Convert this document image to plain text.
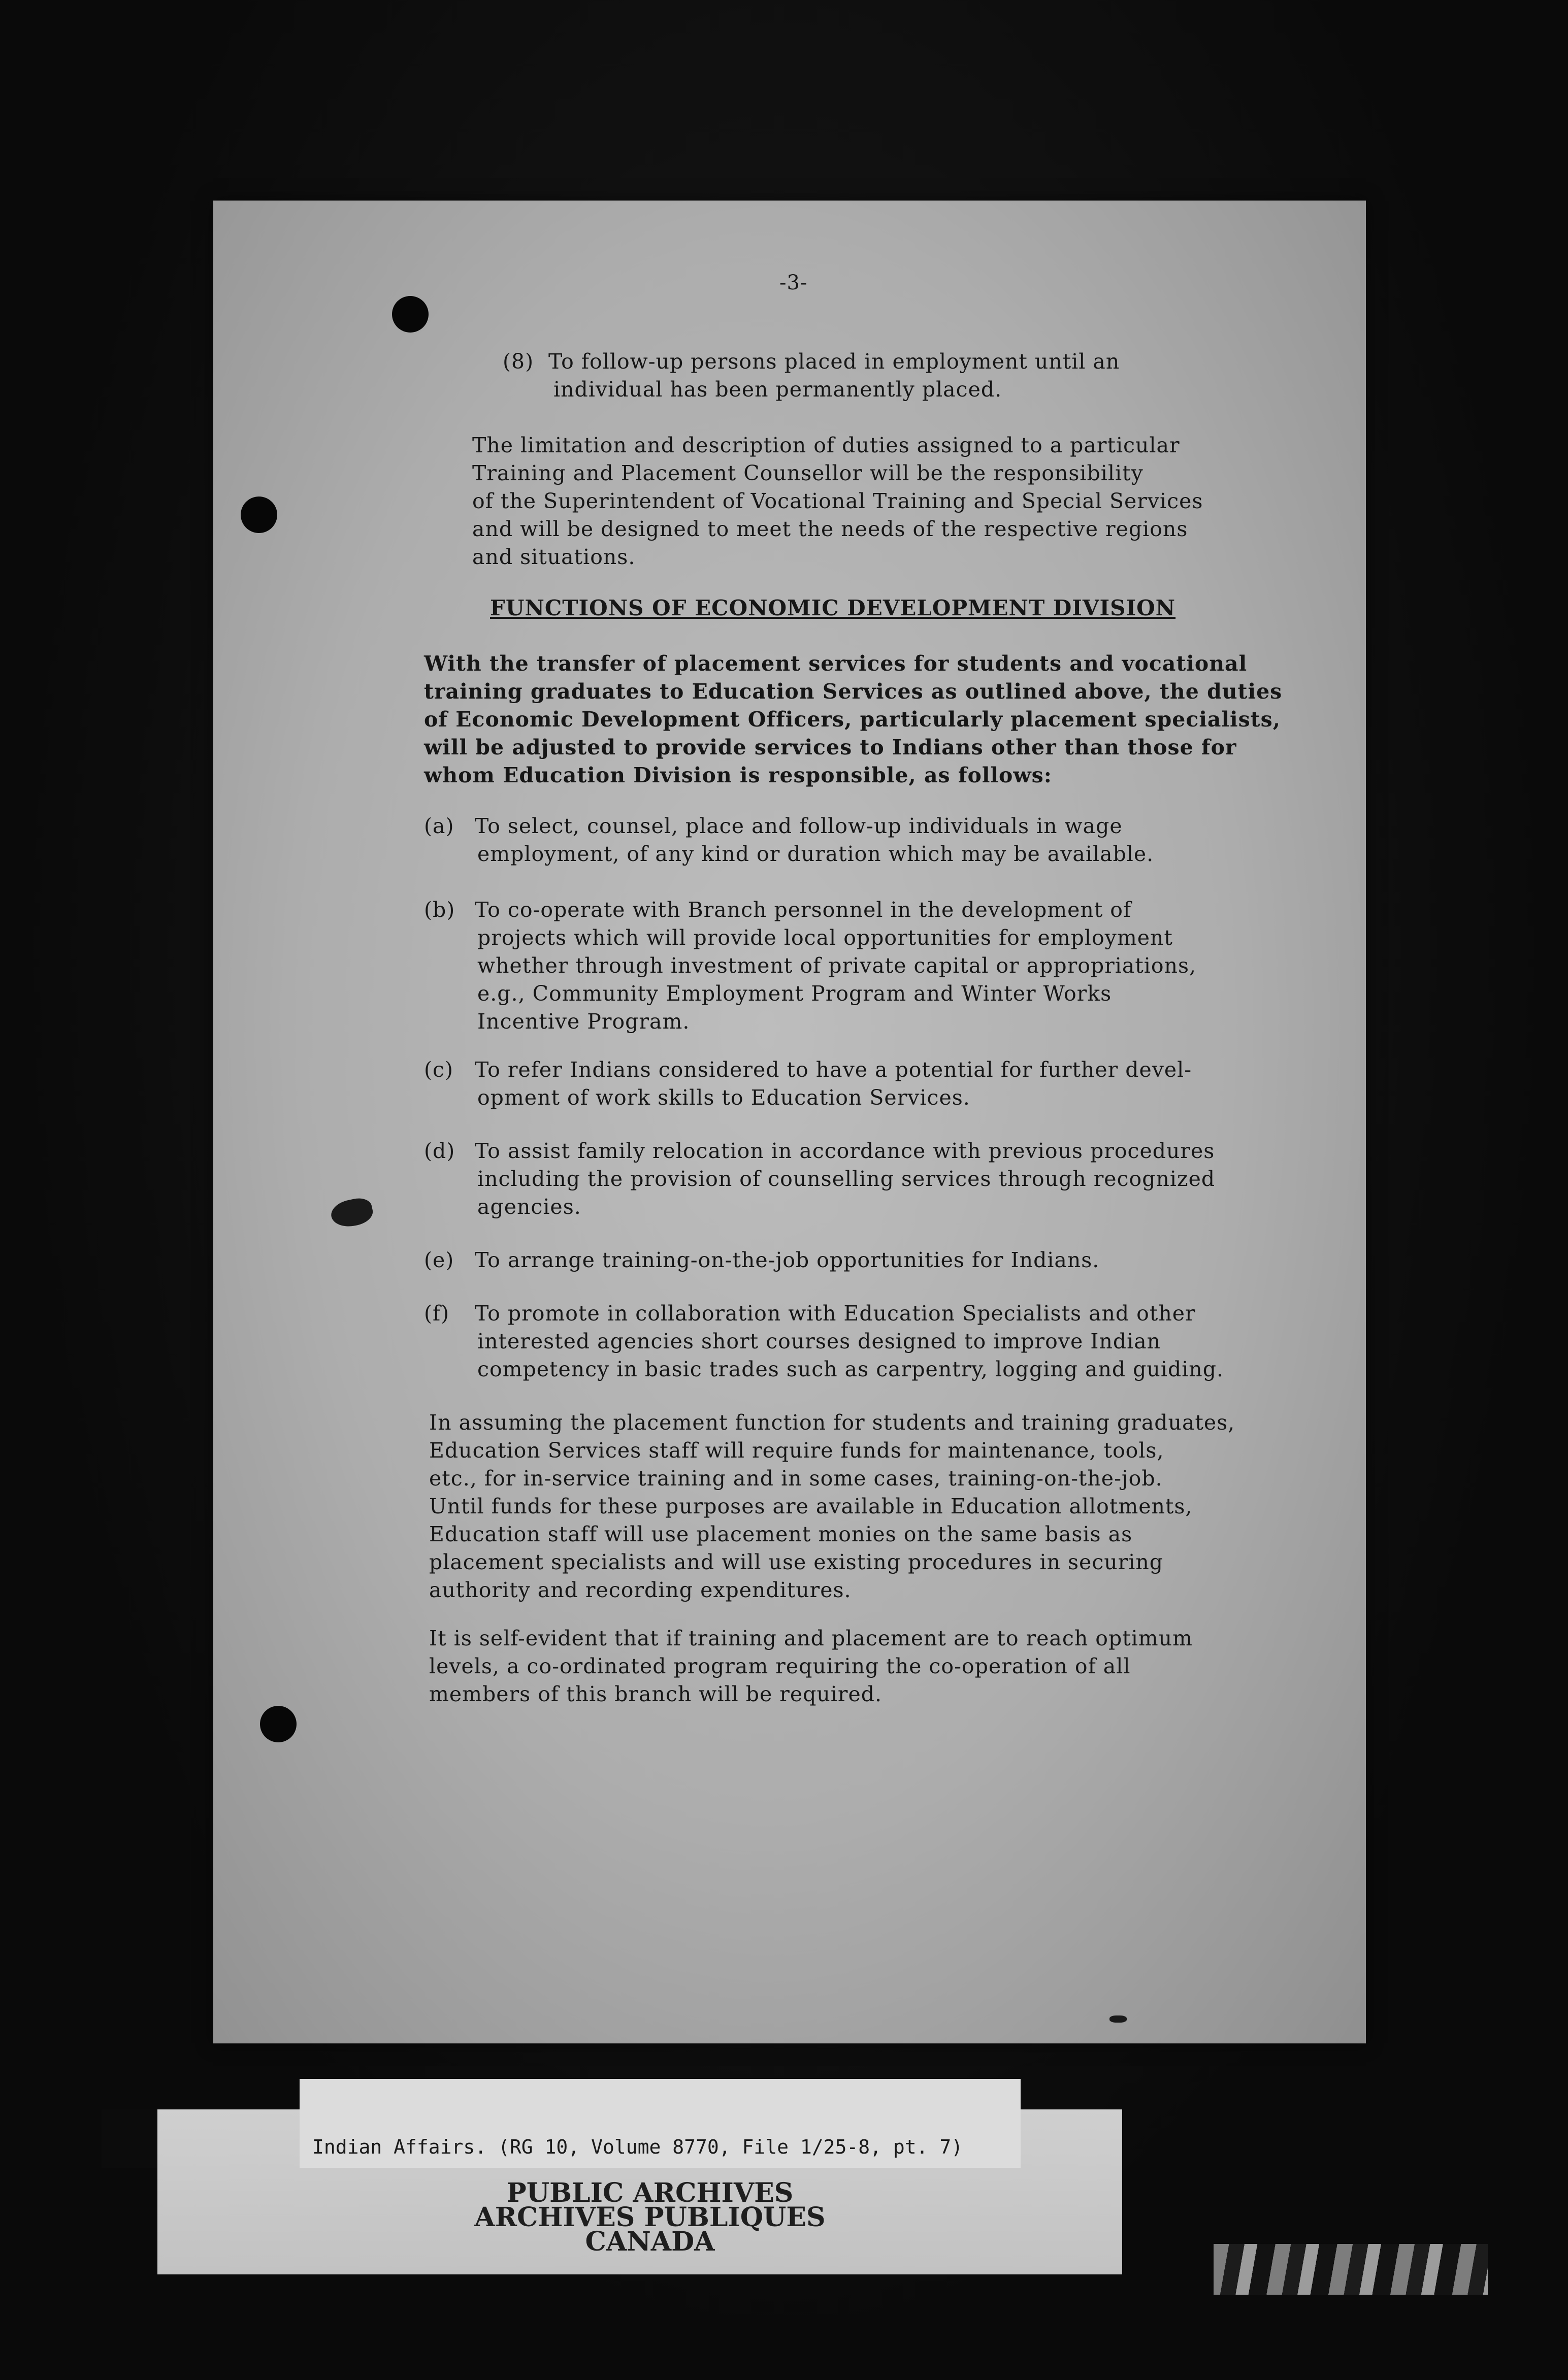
-3-
(8) To follow-up persons placed in employment until an
individual has been permanently placed.
The limitation and description of duties assigned to a particular
Training and Placement Counsellor will be the responsibility
of the Superintendent of Vocational Training and Special Services
and will be designed to meet the needs of the respective regions
and situations.
FUNCTIONS OF ECONOMIC DEVELOPMENT DIVISION
With the transfer of placement services for students and vocational
training graduates to Education Services as outlined above, the duties
of Economic Development Officers, particularly placement specialists,
will be adjusted to provide services to Indians other than those for
whom Education Division is responsible, as follows:
(a) To select, counsel, place and follow-up individuals in wage
employment, of any kind or duration which may be available.
(b) To co-operate with Branch personnel in the development of
projects which will provide local opportunities for employment
whether through investment of private capital or appropriations,
e.g., Community Employment Program and Winter Works
Incentive Program.
(c) To refer Indians considered to have a potential for further devel-
opment of work skills to Education Services.
(d) To assist family relocation in accordance with previous procedures
including the provision of counselling services through recognized
agencies.
(e) To arrange training-on-the-job opportunities for Indians.
(f) To promote in collaboration with Education Specialists and other
interested agencies short courses designed to improve Indian
competency in basic trades such as carpentry, logging and guiding.
In assuming the placement function for students and training graduates,
Education Services staff will require funds for maintenance, tools,
etc., for in-service training and in some cases, training-on-the-job.
Until funds for these purposes are available in Education allotments,
Education staff will use placement monies on the same basis as
placement specialists and will use existing procedures in securing
authority and recording expenditures.
It is self-evident that if training and placement are to reach optimum
levels, a co-ordinated program requiring the co-operation of all
members of this branch will be required.
Indian Affairs. (RG 10, Volume 8770, File 1/25-8, pt. 7)
PUBLIC ARCHIVES
ARCHIVES PUBLIQUES
CANADA
